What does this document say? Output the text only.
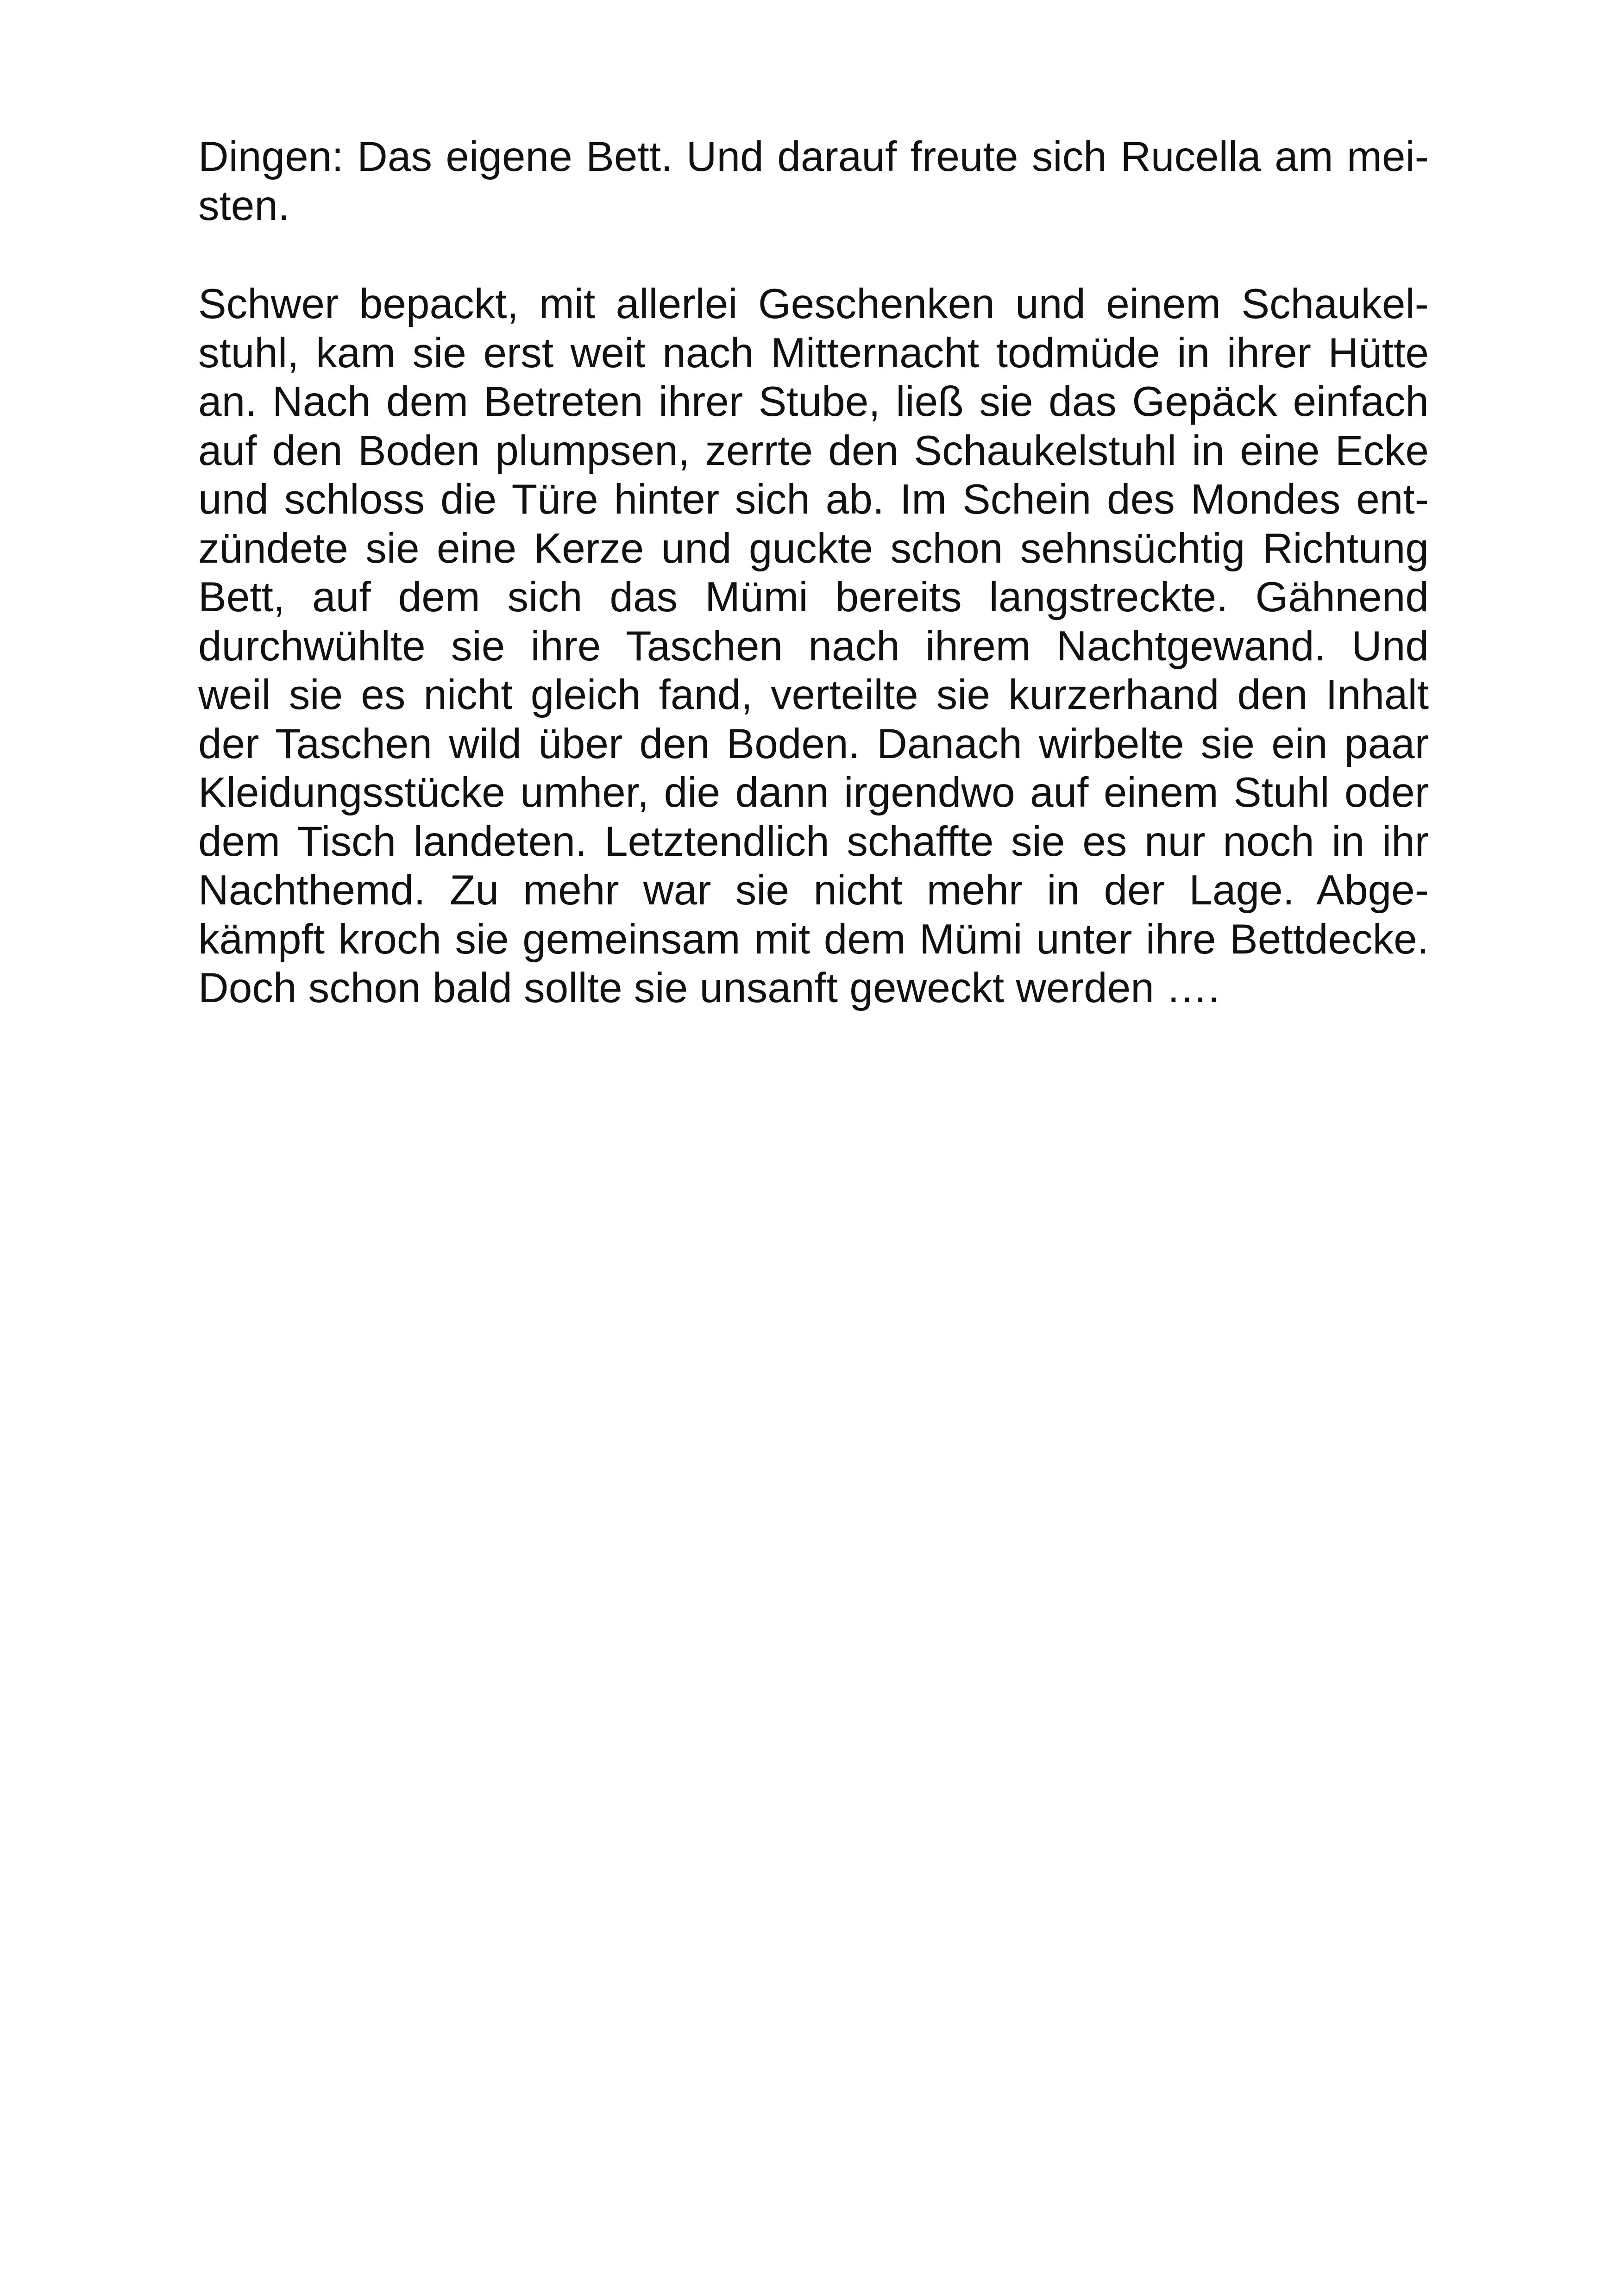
Dingen: Das eigene Bett. Und darauf freute sich Rucella am mei-
sten.
Schwer bepackt, mit allerlei Geschenken und einem Schaukel-
stuhl, kam sie erst weit nach Mitternacht todmüde in ihrer Hütte
an. Nach dem Betreten ihrer Stube, ließ sie das Gepäck einfach
auf den Boden plumpsen, zerrte den Schaukelstuhl in eine Ecke
und schloss die Türe hinter sich ab. Im Schein des Mondes ent-
zündete sie eine Kerze und guckte schon sehnsüchtig Richtung
Bett, auf dem sich das Mümi bereits langstreckte. Gähnend
durchwühlte sie ihre Taschen nach ihrem Nachtgewand. Und
weil sie es nicht gleich fand, verteilte sie kurzerhand den Inhalt
der Taschen wild über den Boden. Danach wirbelte sie ein paar
Kleidungsstücke umher, die dann irgendwo auf einem Stuhl oder
dem Tisch landeten. Letztendlich schaffte sie es nur noch in ihr
Nachthemd. Zu mehr war sie nicht mehr in der Lage. Abge-
kämpft kroch sie gemeinsam mit dem Mümi unter ihre Bettdecke.
Doch schon bald sollte sie unsanft geweckt werden ….
